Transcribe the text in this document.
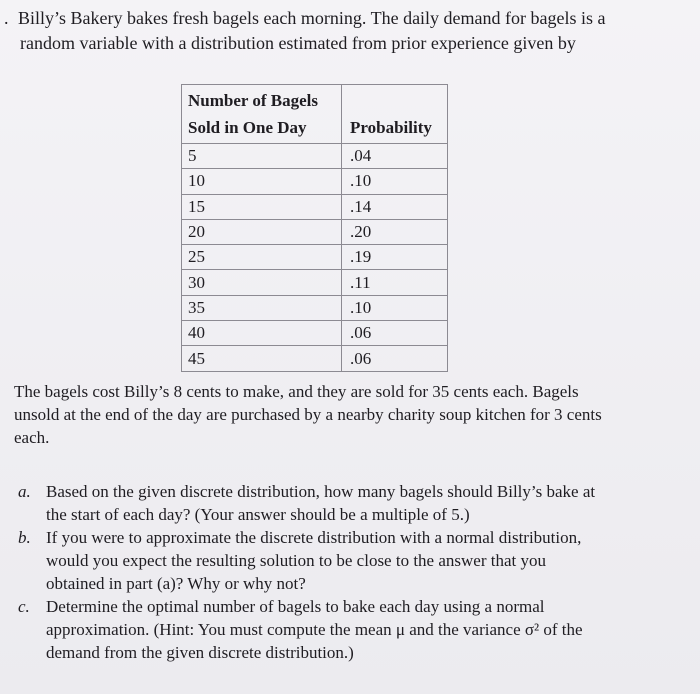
. Billy’s Bakery bakes fresh bagels each morning. The daily demand for bagels is a
random variable with a distribution estimated from prior experience given by

Number of Bagels
Sold in One Day	Probability

5	.04
10	.10
15	.14
20	.20
25	.19
30	.11
35	.10
40	.06
45	.06

The bagels cost Billy’s 8 cents to make, and they are sold for 35 cents each. Bagels
unsold at the end of the day are purchased by a nearby charity soup kitchen for 3 cents
each.

a. Based on the given discrete distribution, how many bagels should Billy’s bake at
the start of each day? (Your answer should be a multiple of 5.)
b. If you were to approximate the discrete distribution with a normal distribution,
would you expect the resulting solution to be close to the answer that you
obtained in part (a)? Why or why not?
c. Determine the optimal number of bagels to bake each day using a normal
approximation. (Hint: You must compute the mean μ and the variance σ² of the
demand from the given discrete distribution.)
